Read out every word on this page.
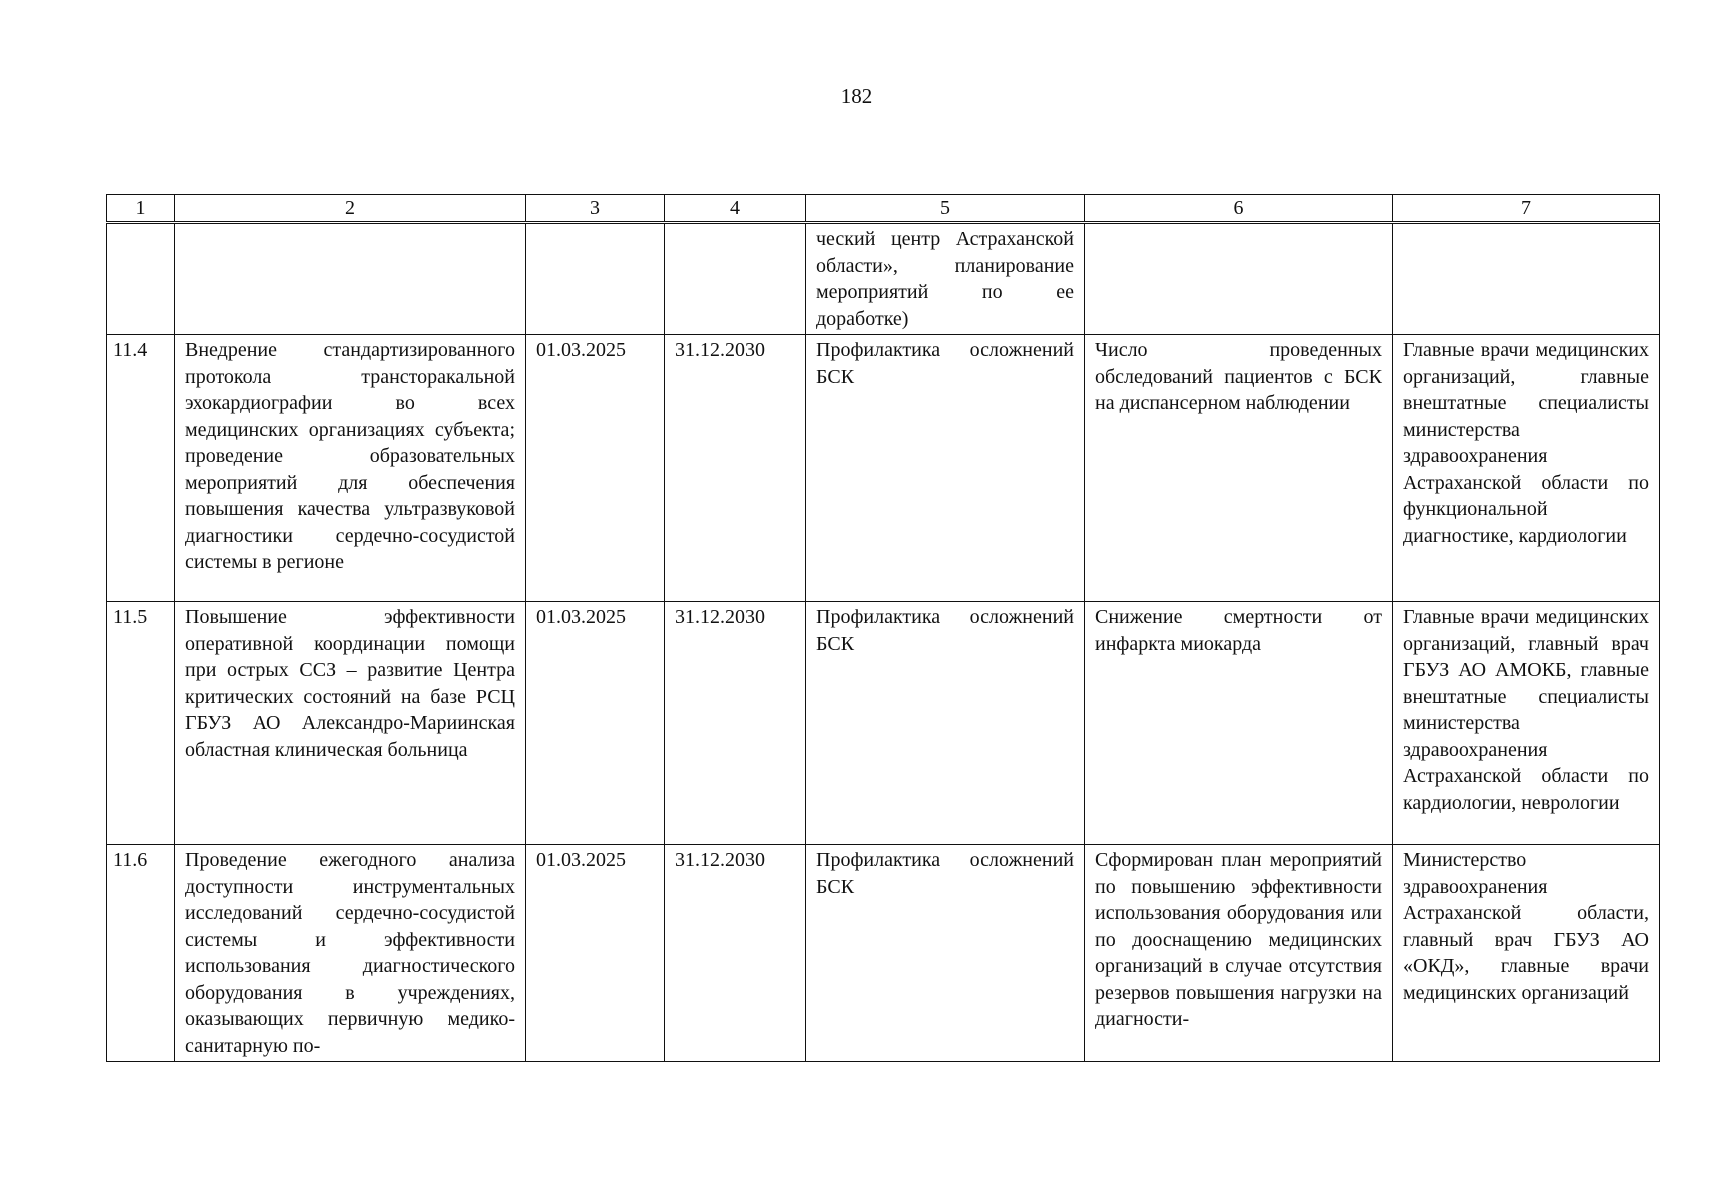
182
1	2	3	4	5	6	7
				ческий центр Астраханской области», планирование мероприятий по ее доработке)		
11.4	Внедрение стандартизированного протокола трансторакальной эхокардиографии во всех медицинских организациях субъекта; проведение образовательных мероприятий для обеспечения повышения качества ультразвуковой диагностики сердечно-сосудистой системы в регионе	01.03.2025	31.12.2030	Профилактика осложнений БСК	Число проведенных обследований пациентов с БСК на диспансерном наблюдении	Главные врачи медицинских организаций, главные внештатные специалисты министерства здравоохранения Астраханской области по функциональной диагностике, кардиологии
11.5	Повышение эффективности оперативной координации помощи при острых ССЗ – развитие Центра критических состояний на базе РСЦ ГБУЗ АО Александро-Мариинская областная клиническая больница	01.03.2025	31.12.2030	Профилактика осложнений БСК	Снижение смертности от инфаркта миокарда	Главные врачи медицинских организаций, главный врач ГБУЗ АО АМОКБ, главные внештатные специалисты министерства здравоохранения Астраханской области по кардиологии, неврологии
11.6	Проведение ежегодного анализа доступности инструментальных исследований сердечно-сосудистой системы и эффективности использования диагностического оборудования в учреждениях, оказывающих первичную медико-санитарную по-	01.03.2025	31.12.2030	Профилактика осложнений БСК	Сформирован план мероприятий по повышению эффективности использования оборудования или по дооснащению медицинских организаций в случае отсутствия резервов повышения нагрузки на диагности-	Министерство здравоохранения Астраханской области, главный врач ГБУЗ АО «ОКД», главные врачи медицинских организаций
